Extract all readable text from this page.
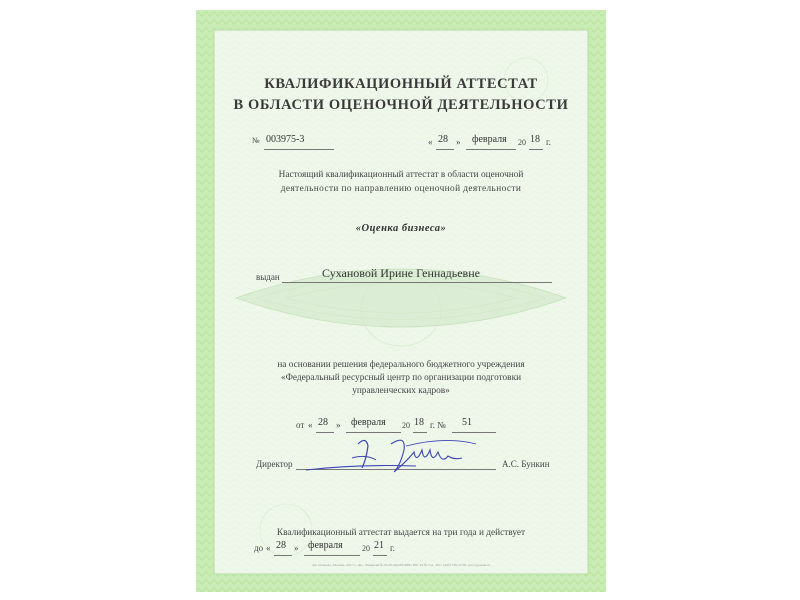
КВАЛИФИКАЦИОННЫЙ АТТЕСТАТ
В ОБЛАСТИ ОЦЕНОЧНОЙ ДЕЯТЕЛЬНОСТИ
№ 003975-3	« 28 » февраля 20 18 г.
Настоящий квалификационный аттестат в области оценочной
деятельности по направлению оценочной деятельности
«Оценка бизнеса»
выдан	Сухановой Ирине Геннадьевне
на основании решения федерального бюджетного учреждения
«Федеральный ресурсный центр по организации подготовки
управленческих кадров»
от « 28 » февраля 20 18 г. № 51
Директор	А.С. Бункин
Квалификационный аттестат выдается на три года и действует
до « 28 » февраля 20 21 г.
АО «Гознак», Москва, 2017 г., «Б». Лицензия № 05-05-09/003 ФНС РФ. ТЗ № 741. Тел.: (495) 728-47-00. www.goznak.ru
